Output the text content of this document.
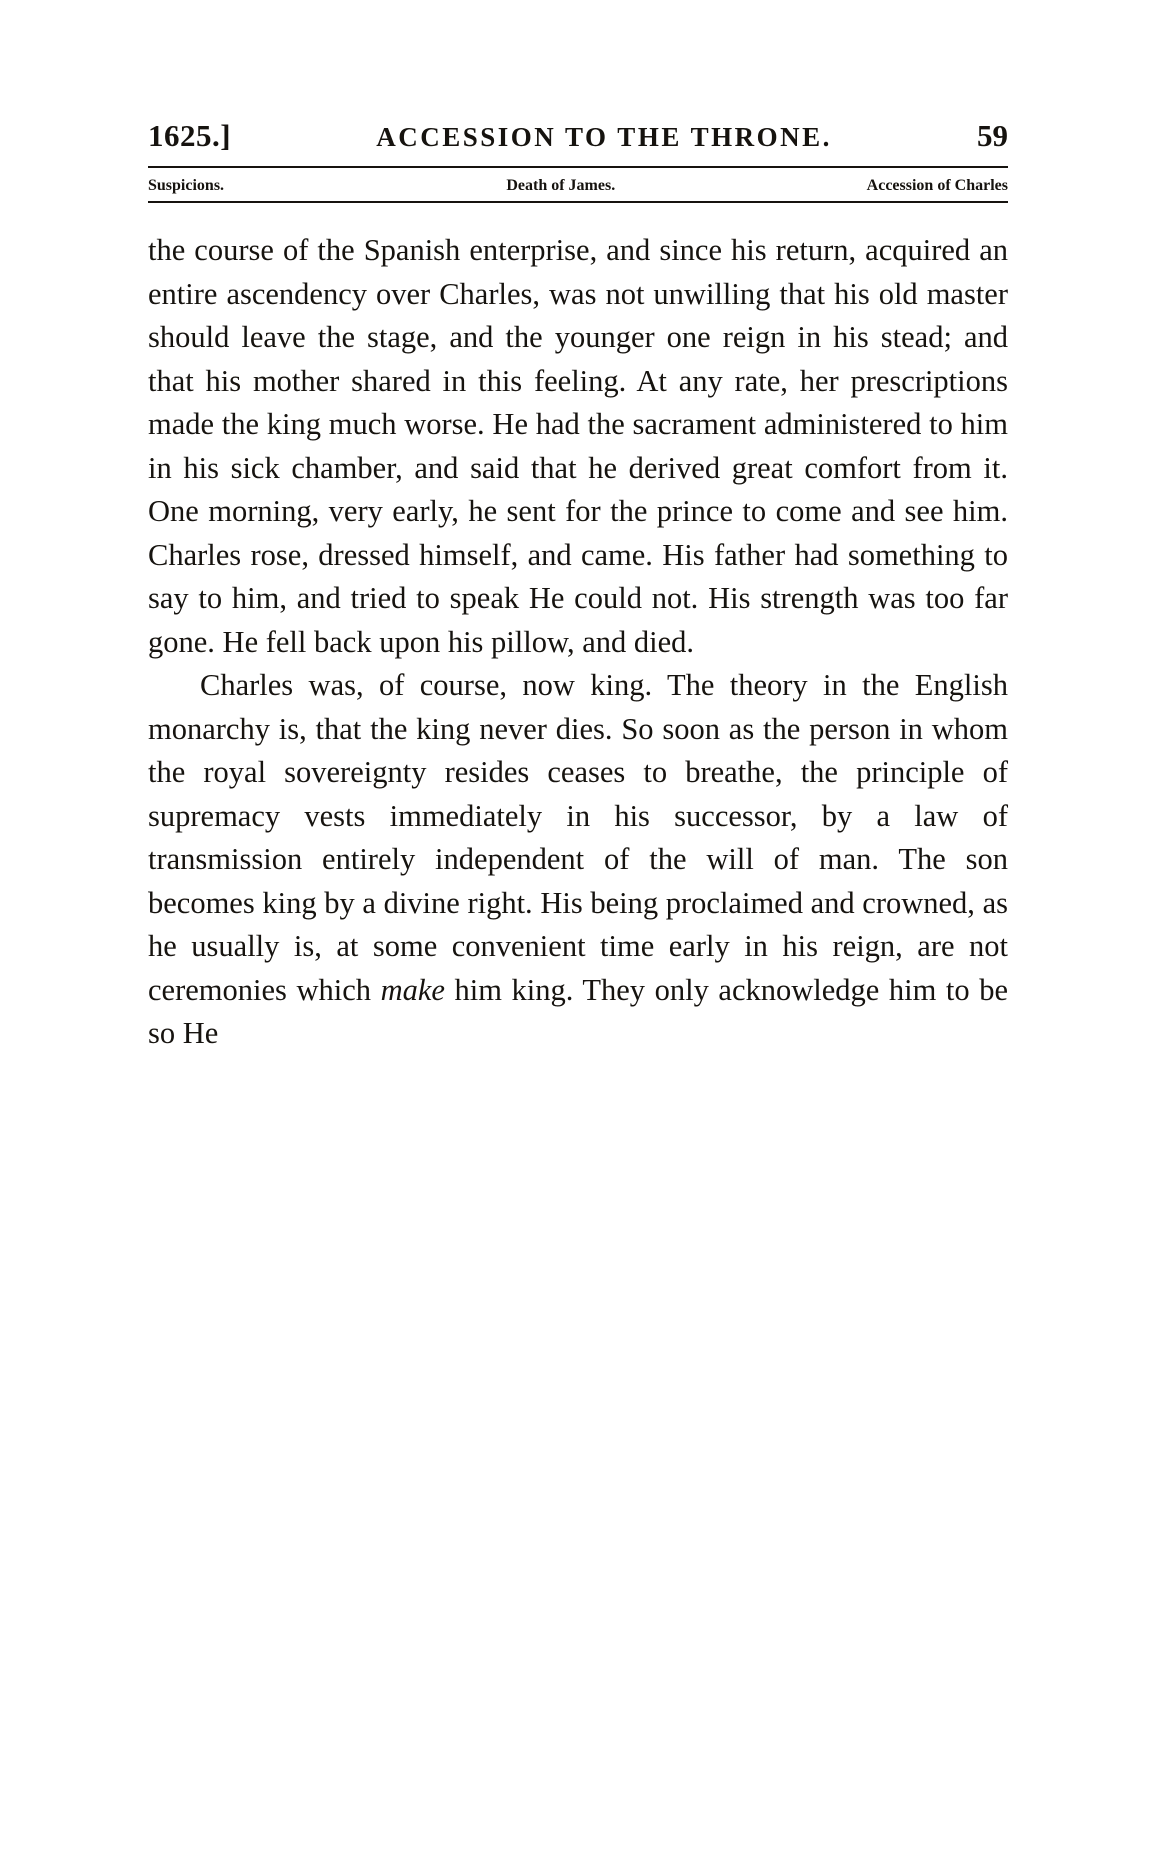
1625.]	ACCESSION TO THE THRONE.	59
Suspicions.	Death of James.	Accession of Charles

the course of the Spanish enterprise, and since his return, acquired an entire ascendency over Charles, was not unwilling that his old master should leave the stage, and the younger one reign in his stead; and that his mother shared in this feeling. At any rate, her prescriptions made the king much worse. He had the sacrament administered to him in his sick chamber, and said that he derived great comfort from it. One morning, very early, he sent for the prince to come and see him. Charles rose, dressed himself, and came. His father had something to say to him, and tried to speak He could not. His strength was too far gone. He fell back upon his pillow, and died.

Charles was, of course, now king. The theory in the English monarchy is, that the king never dies. So soon as the person in whom the royal sovereignty resides ceases to breathe, the principle of supremacy vests immediately in his successor, by a law of transmission entirely independent of the will of man. The son becomes king by a divine right. His being proclaimed and crowned, as he usually is, at some convenient time early in his reign, are not ceremonies which make him king. They only acknowledge him to be so He
